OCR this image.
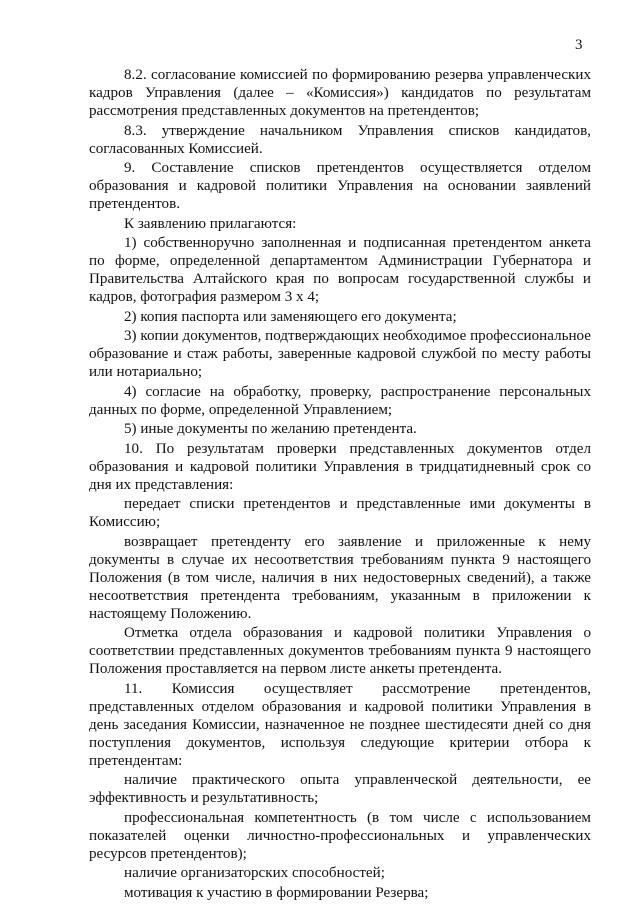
3

8.2. согласование комиссией по формированию резерва управленческих кадров Управления (далее – «Комиссия») кандидатов по результатам рассмотрения представленных документов на претендентов;

8.3. утверждение начальником Управления списков кандидатов, согласованных Комиссией.

9. Составление списков претендентов осуществляется отделом образования и кадровой политики Управления на основании заявлений претендентов.

К заявлению прилагаются:

1) собственноручно заполненная и подписанная претендентом анкета по форме, определенной департаментом Администрации Губернатора и Правительства Алтайского края по вопросам государственной службы и кадров, фотография размером 3 х 4;

2) копия паспорта или заменяющего его документа;

3) копии документов, подтверждающих необходимое профессиональное образование и стаж работы, заверенные кадровой службой по месту работы или нотариально;

4) согласие на обработку, проверку, распространение персональных данных по форме, определенной Управлением;

5) иные документы по желанию претендента.

10. По результатам проверки представленных документов отдел образования и кадровой политики Управления в тридцатидневный срок со дня их представления:

передает списки претендентов и представленные ими документы в Комиссию;

возвращает претенденту его заявление и приложенные к нему документы в случае их несоответствия требованиям пункта 9 настоящего Положения (в том числе, наличия в них недостоверных сведений), а также несоответствия претендента требованиям, указанным в приложении к настоящему Положению.

Отметка отдела образования и кадровой политики Управления о соответствии представленных документов требованиям пункта 9 настоящего Положения проставляется на первом листе анкеты претендента.

11. Комиссия осуществляет рассмотрение претендентов, представленных отделом образования и кадровой политики Управления в день заседания Комиссии, назначенное не позднее шестидесяти дней со дня поступления документов, используя следующие критерии отбора к претендентам:

наличие практического опыта управленческой деятельности, ее эффективность и результативность;

профессиональная компетентность (в том числе с использованием показателей оценки личностно-профессиональных и управленческих ресурсов претендентов);

наличие организаторских способностей;

мотивация к участию в формировании Резерва;
